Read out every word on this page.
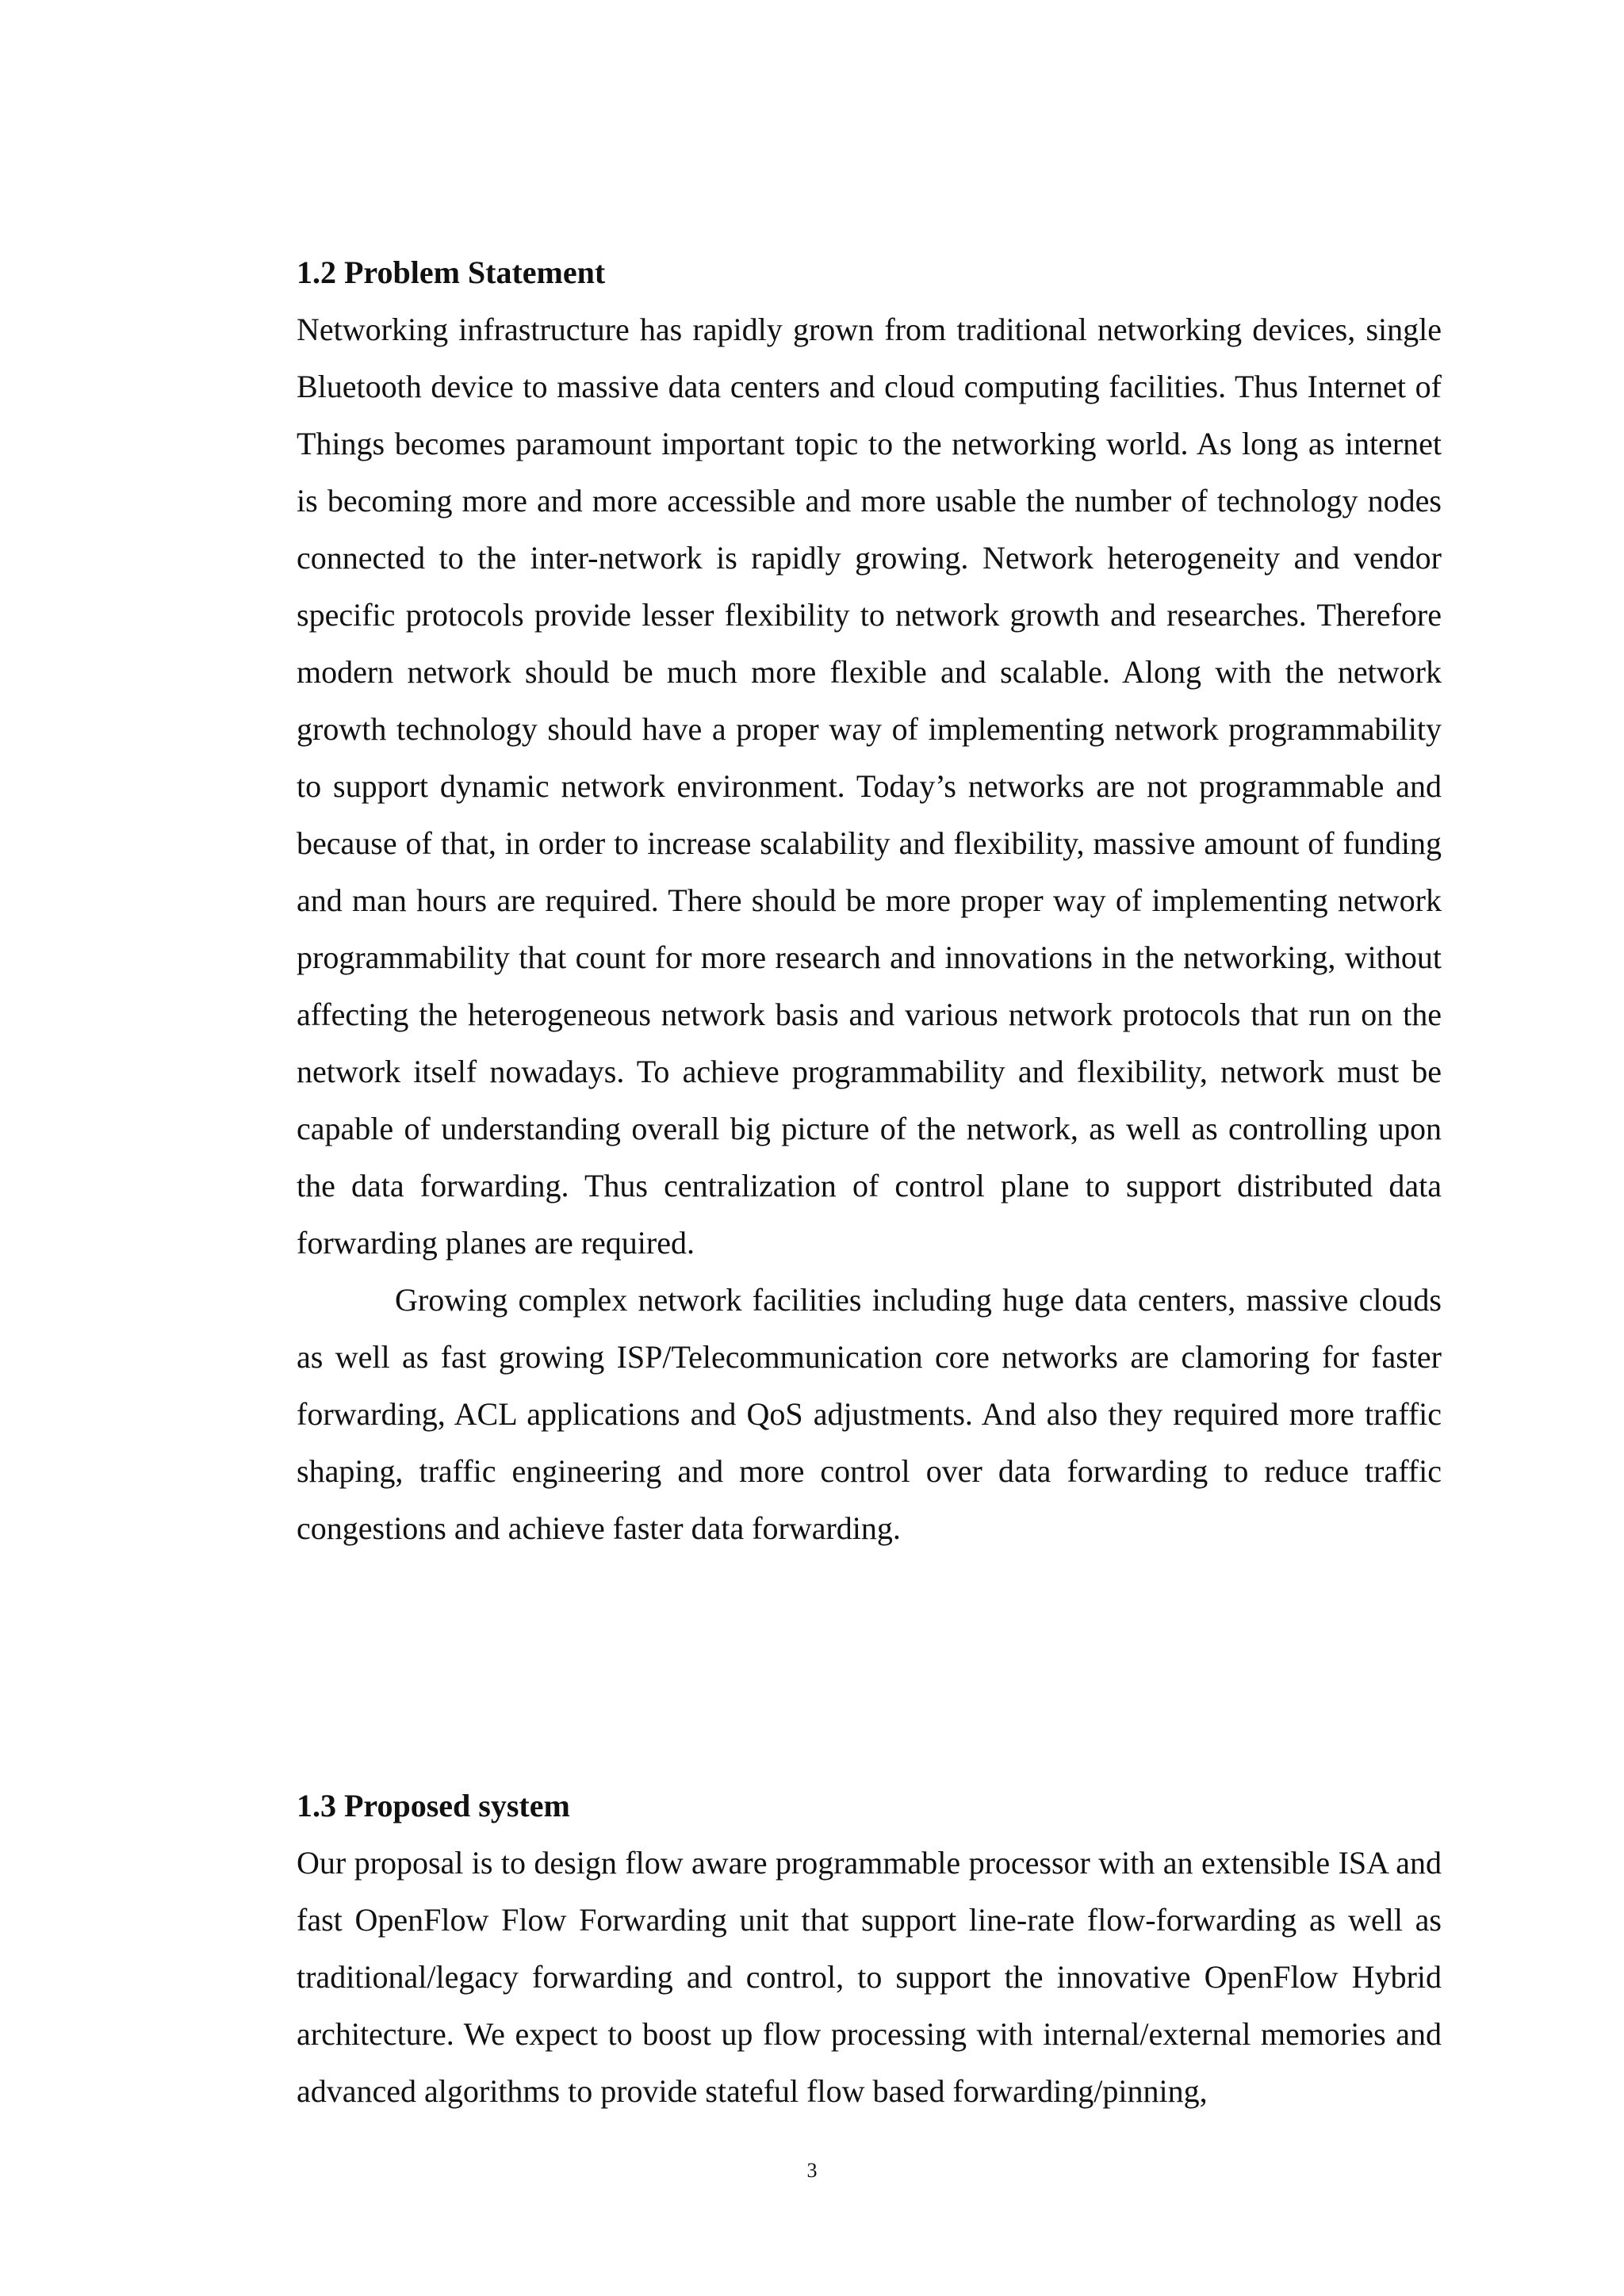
1.2 Problem Statement

Networking infrastructure has rapidly grown from traditional networking devices, single Bluetooth device to massive data centers and cloud computing facilities. Thus Internet of Things becomes paramount important topic to the networking world. As long as internet is becoming more and more accessible and more usable the number of technology nodes connected to the inter-network is rapidly growing. Network heterogeneity and vendor specific protocols provide lesser flexibility to network growth and researches. Therefore modern network should be much more flexible and scalable. Along with the network growth technology should have a proper way of implementing network programmability to support dynamic network environment. Today’s networks are not programmable and because of that, in order to increase scalability and flexibility, massive amount of funding and man hours are required. There should be more proper way of implementing network programmability that count for more research and innovations in the networking, without affecting the heterogeneous network basis and various network protocols that run on the network itself nowadays. To achieve programmability and flexibility, network must be capable of understanding overall big picture of the network, as well as controlling upon the data forwarding. Thus centralization of control plane to support distributed data forwarding planes are required.

Growing complex network facilities including huge data centers, massive clouds as well as fast growing ISP/Telecommunication core networks are clamoring for faster forwarding, ACL applications and QoS adjustments. And also they required more traffic shaping, traffic engineering and more control over data forwarding to reduce traffic congestions and achieve faster data forwarding.

1.3 Proposed system

Our proposal is to design flow aware programmable processor with an extensible ISA and fast OpenFlow Flow Forwarding unit that support line-rate flow-forwarding as well as traditional/legacy forwarding and control, to support the innovative OpenFlow Hybrid architecture. We expect to boost up flow processing with internal/external memories and advanced algorithms to provide stateful flow based forwarding/pinning,

3
